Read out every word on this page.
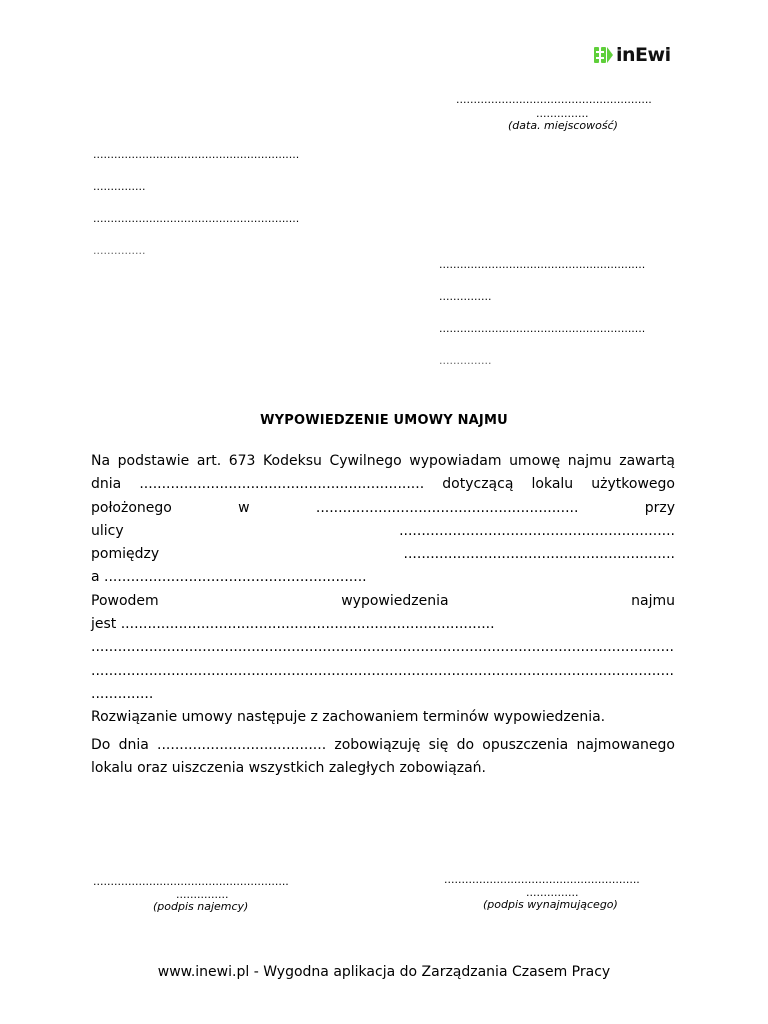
inEwi
........................................................
...............
(data. miejscowość)
...........................................................
...............
...........................................................
...............
...........................................................
...............
...........................................................
...............
WYPOWIEDZENIE UMOWY NAJMU
Na podstawie art. 673 Kodeksu Cywilnego wypowiadam umowę najmu zawartą
dnia ................................................................ dotyczącą lokalu użytkowego
położonego	w	...........................................................	przy
ulicy	..............................................................
pomiędzy	.............................................................
a ...........................................................
Powodem	wypowiedzenia	najmu
jest ....................................................................................
...................................................................................................................................
...................................................................................................................................
..............
Rozwiązanie umowy następuje z zachowaniem terminów wypowiedzenia.
Do dnia ...................................... zobowiązuję się do opuszczenia najmowanego
lokalu oraz uiszczenia wszystkich zaległych zobowiązań.
........................................................
...............
(podpis najemcy)
........................................................
...............
(podpis wynajmującego)
www.inewi.pl - Wygodna aplikacja do Zarządzania Czasem Pracy
